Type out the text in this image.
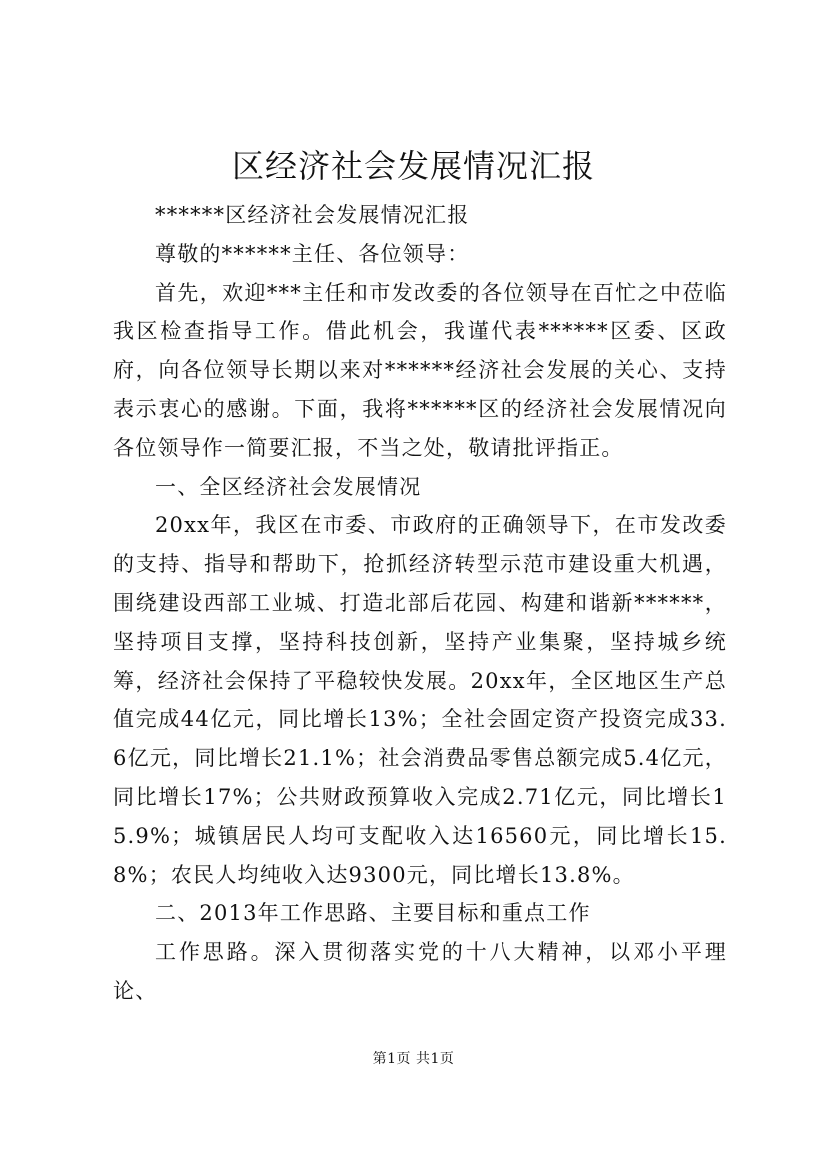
区经济社会发展情况汇报

******区经济社会发展情况汇报

尊敬的******主任、各位领导：

首先，欢迎***主任和市发改委的各位领导在百忙之中莅临我区检查指导工作。借此机会，我谨代表******区委、区政府，向各位领导长期以来对******经济社会发展的关心、支持表示衷心的感谢。下面，我将******区的经济社会发展情况向各位领导作一简要汇报，不当之处，敬请批评指正。

一、全区经济社会发展情况

20xx年，我区在市委、市政府的正确领导下，在市发改委的支持、指导和帮助下，抢抓经济转型示范市建设重大机遇，围绕建设西部工业城、打造北部后花园、构建和谐新******，坚持项目支撑，坚持科技创新，坚持产业集聚，坚持城乡统筹，经济社会保持了平稳较快发展。20xx年，全区地区生产总值完成44亿元，同比增长13%；全社会固定资产投资完成33.6亿元，同比增长21.1%；社会消费品零售总额完成5.4亿元，同比增长17%；公共财政预算收入完成2.71亿元，同比增长15.9%；城镇居民人均可支配收入达16560元，同比增长15.8%；农民人均纯收入达9300元，同比增长13.8%。

二、2013年工作思路、主要目标和重点工作

工作思路。深入贯彻落实党的十八大精神，以邓小平理论、

第1页 共1页
